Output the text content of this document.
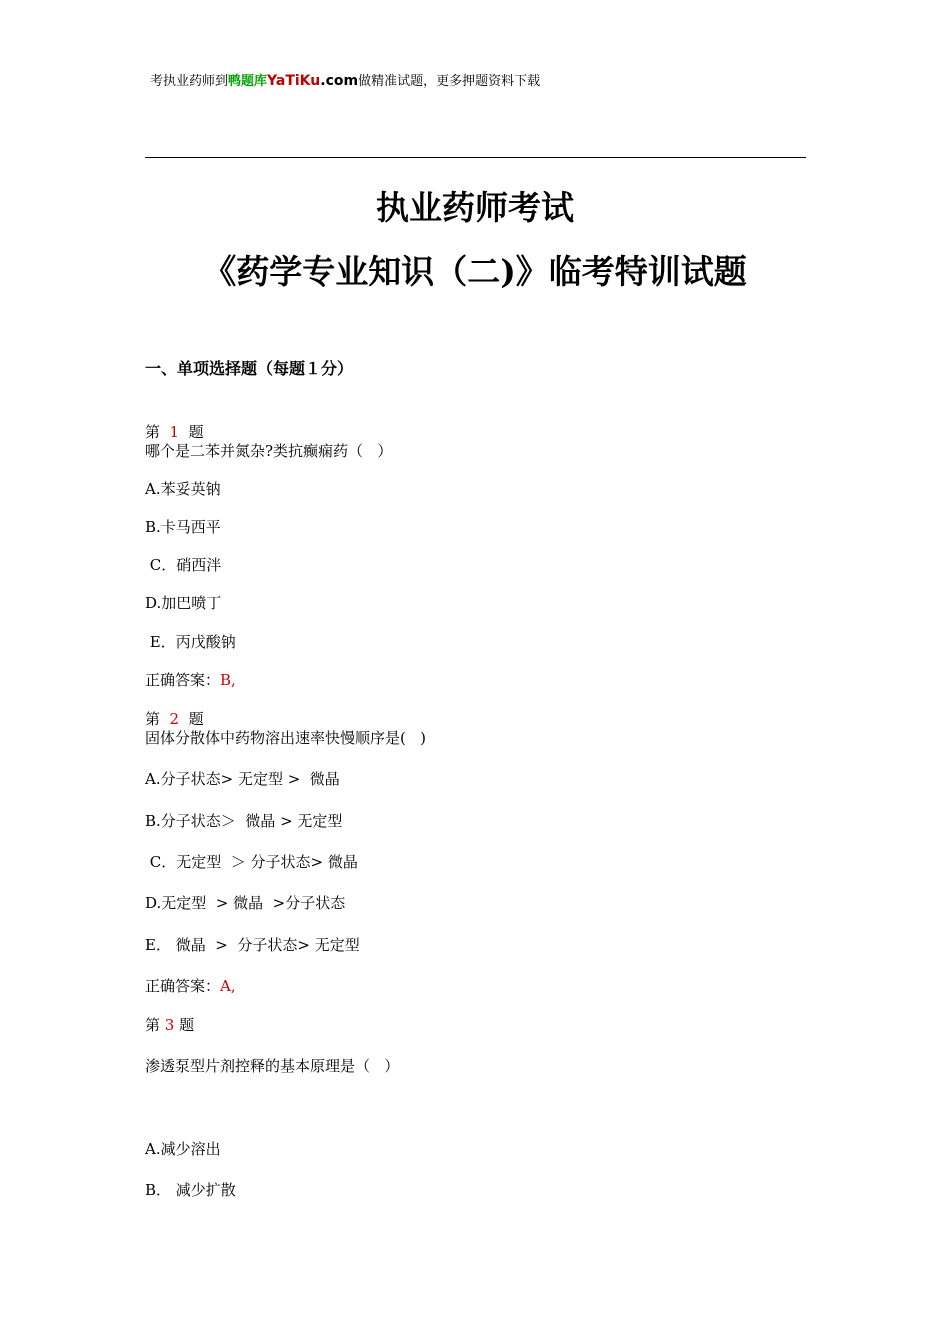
考执业药师到鸭题库YaTiKu.com做精准试题，更多押题资料下载
执业药师考试
《药学专业知识（二)》临考特训试题
一、单项选择题（每题１分）
第  1  题
哪个是二苯并氮杂?类抗癫痫药（   ）
A.苯妥英钠
B.卡马西平
C．硝西泮
D.加巴喷丁
E．丙戊酸钠
正确答案：B,
第  2  题
固体分散体中药物溶出速率快慢顺序是(   )
A.分子状态> 无定型 >  微晶
B.分子状态＞  微晶 > 无定型
C．无定型  ＞ 分子状态> 微晶
D.无定型  > 微晶  >分子状态
E． 微晶  >  分子状态> 无定型
正确答案：A,
第 3 题
渗透泵型片剂控释的基本原理是（   ）
A.减少溶出
B． 减少扩散
